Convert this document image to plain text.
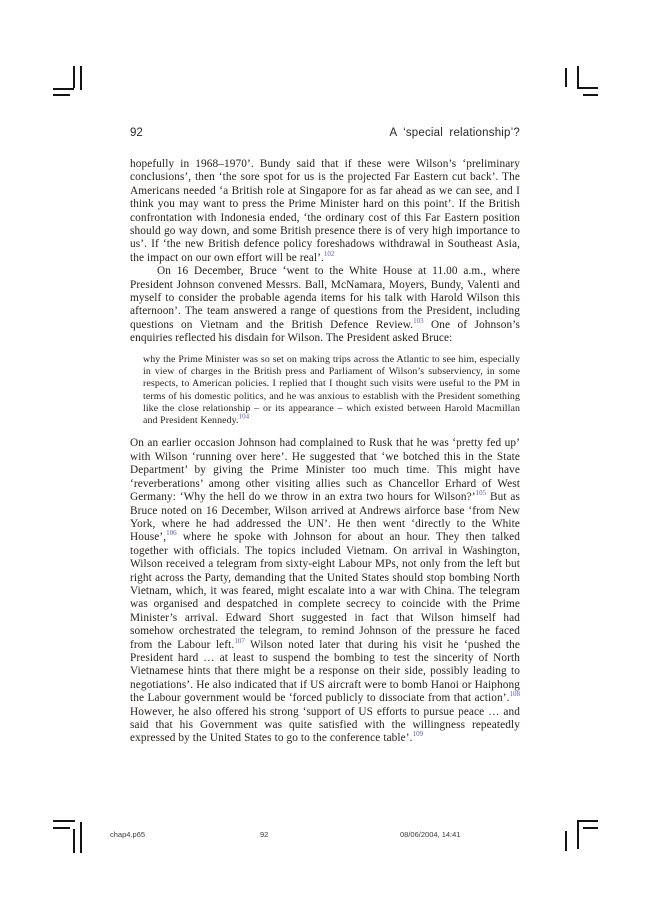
92	A ‘special relationship’?

hopefully in 1968–1970’. Bundy said that if these were Wilson’s ‘preliminary conclusions’, then ‘the sore spot for us is the projected Far Eastern cut back’. The Americans needed ‘a British role at Singapore for as far ahead as we can see, and I think you may want to press the Prime Minister hard on this point’. If the British confrontation with Indonesia ended, ‘the ordinary cost of this Far Eastern position should go way down, and some British presence there is of very high importance to us’. If ‘the new British defence policy foreshadows withdrawal in Southeast Asia, the impact on our own effort will be real’.$^{102}$

On 16 December, Bruce ‘went to the White House at 11.00 a.m., where President Johnson convened Messrs. Ball, McNamara, Moyers, Bundy, Valenti and myself to consider the probable agenda items for his talk with Harold Wilson this afternoon’. The team answered a range of questions from the President, including questions on Vietnam and the British Defence Review.$^{103}$ One of Johnson’s enquiries reflected his disdain for Wilson. The President asked Bruce:

why the Prime Minister was so set on making trips across the Atlantic to see him, especially in view of charges in the British press and Parliament of Wilson’s subserviency, in some respects, to American policies. I replied that I thought such visits were useful to the PM in terms of his domestic politics, and he was anxious to establish with the President something like the close relationship – or its appearance – which existed between Harold Macmillan and President Kennedy.$^{104}$

On an earlier occasion Johnson had complained to Rusk that he was ‘pretty fed up’ with Wilson ‘running over here’. He suggested that ‘we botched this in the State Department’ by giving the Prime Minister too much time. This might have ‘reverberations’ among other visiting allies such as Chancellor Erhard of West Germany: ‘Why the hell do we throw in an extra two hours for Wilson?’$^{105}$ But as Bruce noted on 16 December, Wilson arrived at Andrews airforce base ‘from New York, where he had addressed the UN’. He then went ‘directly to the White House’,$^{106}$ where he spoke with Johnson for about an hour. They then talked together with officials. The topics included Vietnam. On arrival in Washington, Wilson received a telegram from sixty-eight Labour MPs, not only from the left but right across the Party, demanding that the United States should stop bombing North Vietnam, which, it was feared, might escalate into a war with China. The telegram was organised and despatched in complete secrecy to coincide with the Prime Minister’s arrival. Edward Short suggested in fact that Wilson himself had somehow orchestrated the telegram, to remind Johnson of the pressure he faced from the Labour left.$^{107}$ Wilson noted later that during his visit he ‘pushed the President hard … at least to suspend the bombing to test the sincerity of North Vietnamese hints that there might be a response on their side, possibly leading to negotiations’. He also indicated that if US aircraft were to bomb Hanoi or Haiphong the Labour government would be ‘forced publicly to dissociate from that action’.$^{108}$ However, he also offered his strong ‘support of US efforts to pursue peace … and said that his Government was quite satisfied with the willingness repeatedly expressed by the United States to go to the conference table’.$^{109}$

chap4.p65	92	08/06/2004, 14:41
